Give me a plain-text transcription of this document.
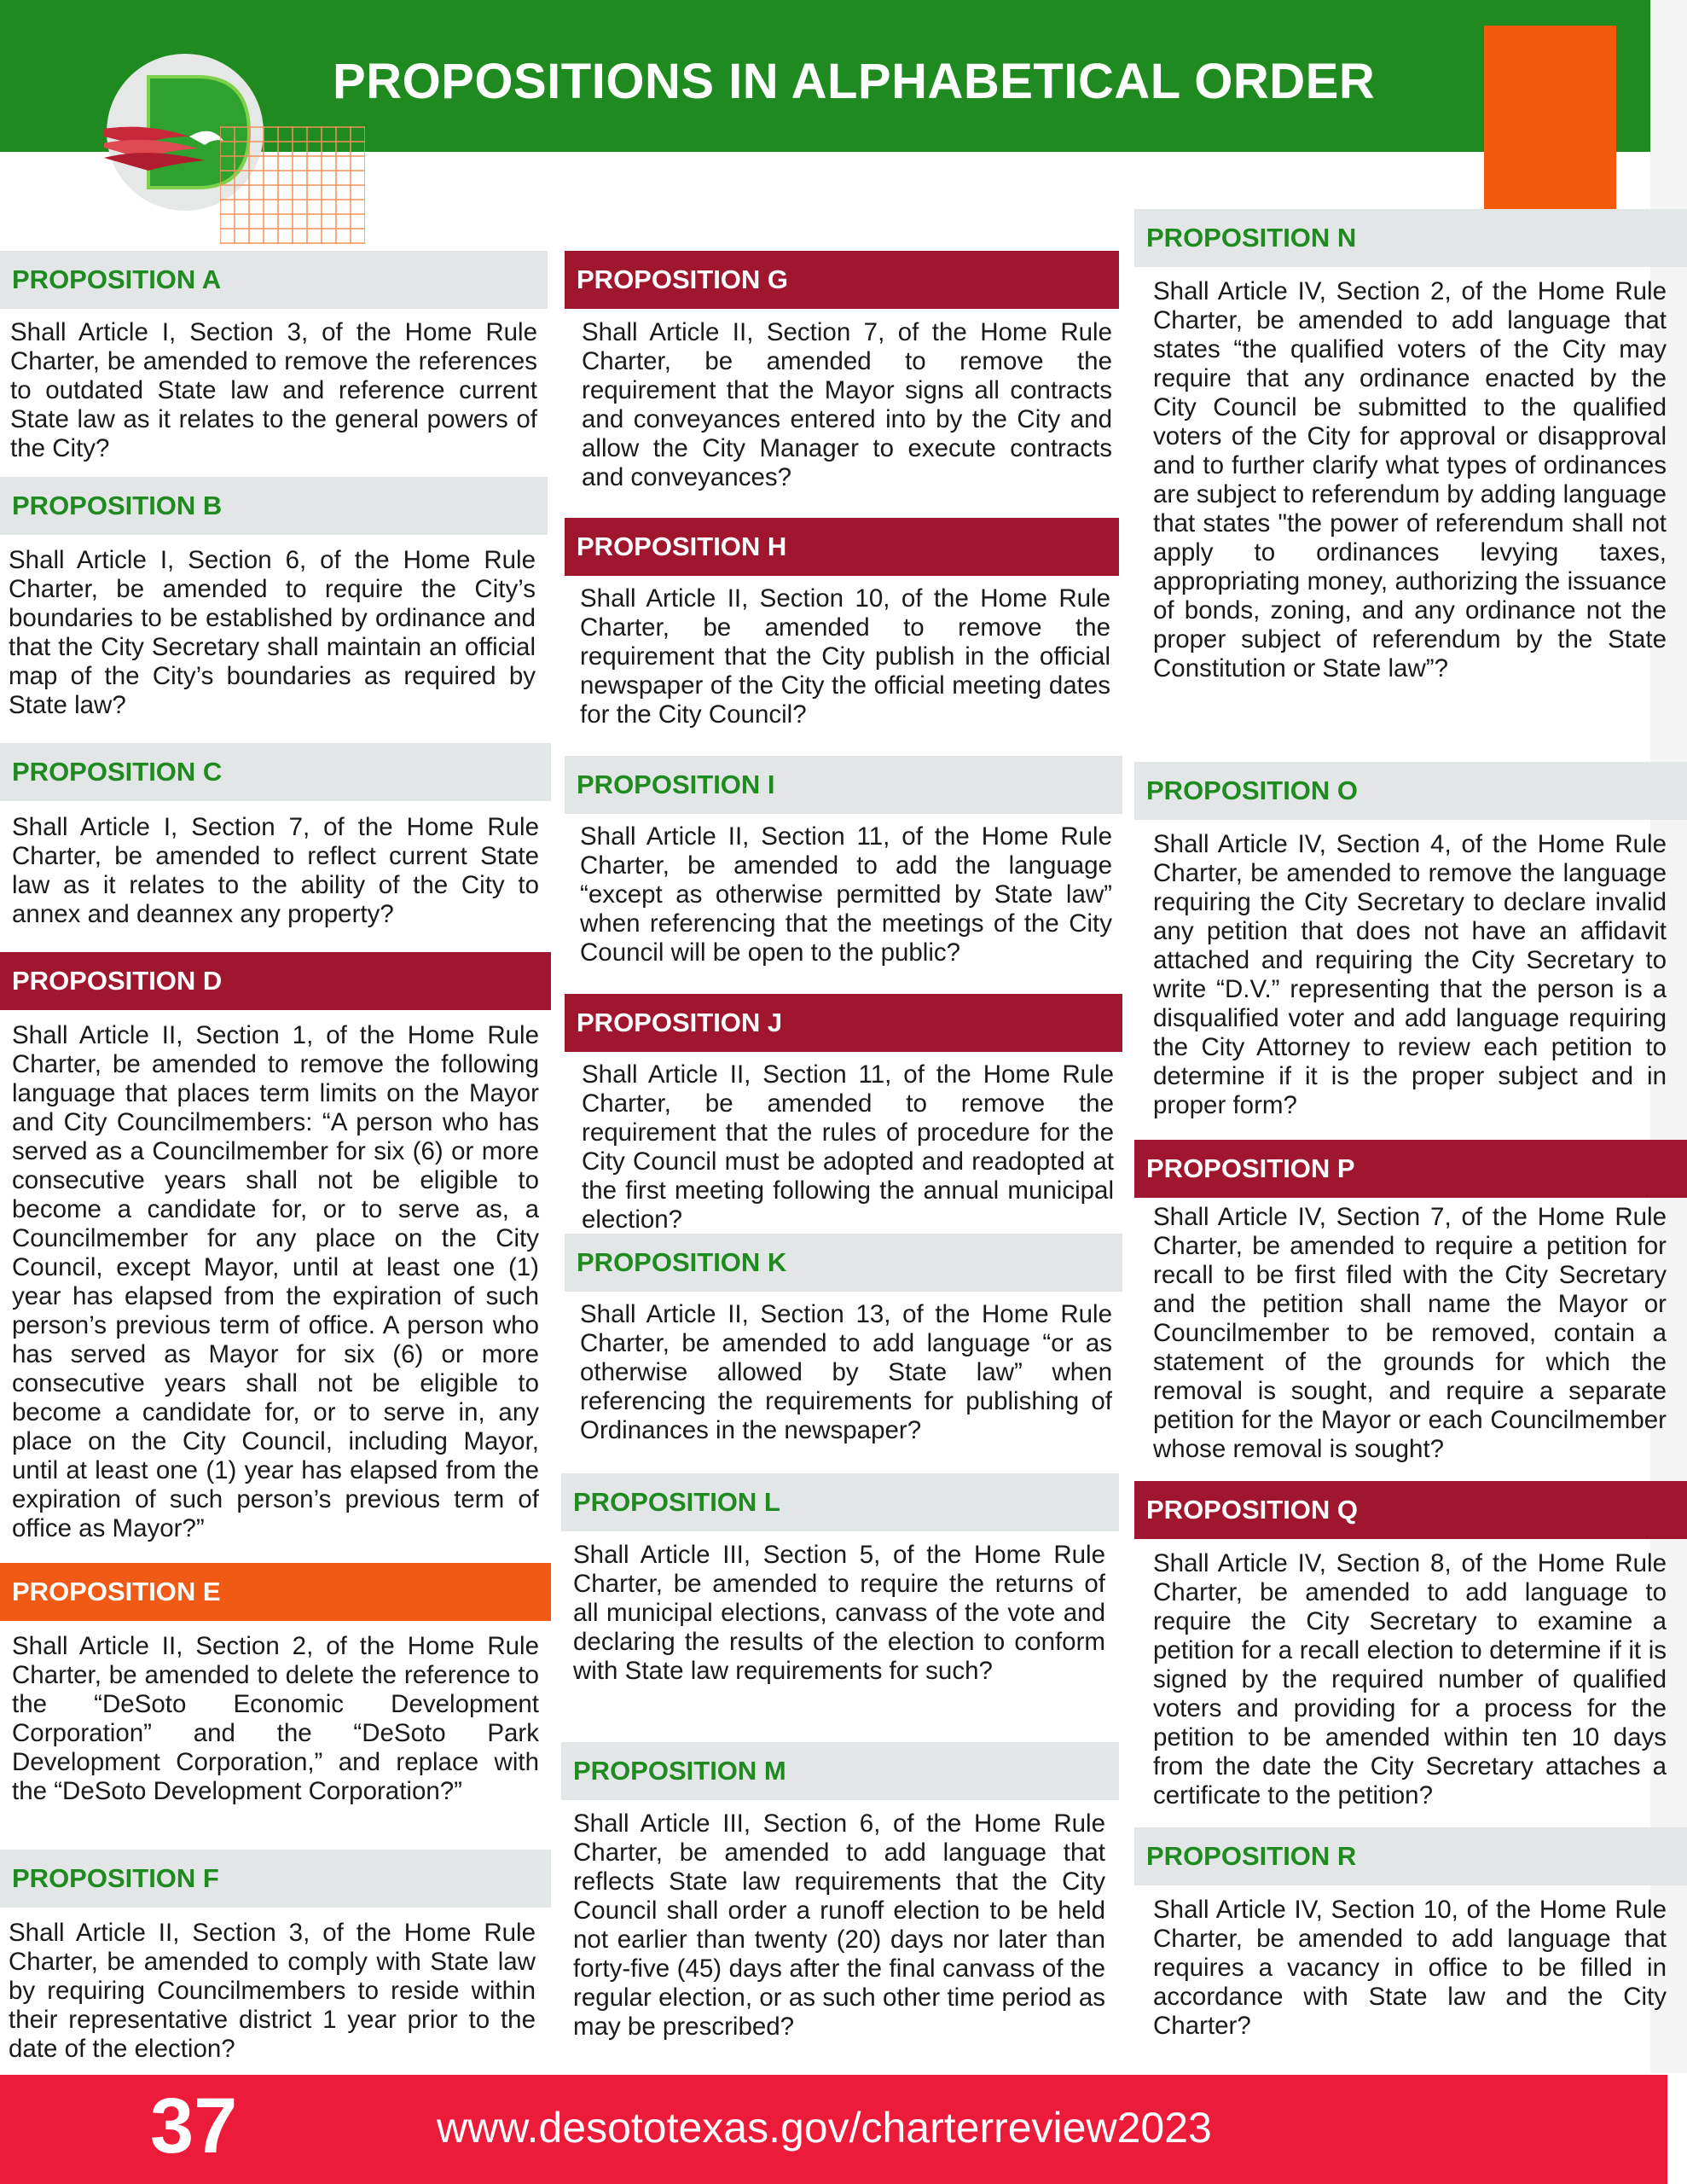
PROPOSITIONS IN ALPHABETICAL ORDER
PROPOSITION A

Shall Article I, Section 3, of the Home Rule Charter, be amended to remove the references to outdated State law and reference current State law as it relates to the general powers of the City?

PROPOSITION B

Shall Article I, Section 6, of the Home Rule Charter, be amended to require the City’s boundaries to be established by ordinance and that the City Secretary shall maintain an official map of the City’s boundaries as required by State law?

PROPOSITION C

Shall Article I, Section 7, of the Home Rule Charter, be amended to reflect current State law as it relates to the ability of the City to annex and deannex any property?

PROPOSITION D

Shall Article II, Section 1, of the Home Rule Charter, be amended to remove the following language that places term limits on the Mayor and City Councilmembers: “A person who has served as a Councilmember for six (6) or more consecutive years shall not be eligible to become a candidate for, or to serve as, a Councilmember for any place on the City Council, except Mayor, until at least one (1) year has elapsed from the expiration of such person’s previous term of office. A person who has served as Mayor for six (6) or more consecutive years shall not be eligible to become a candidate for, or to serve in, any place on the City Council, including Mayor, until at least one (1) year has elapsed from the expiration of such person’s previous term of office as Mayor?”

PROPOSITION E

Shall Article II, Section 2, of the Home Rule Charter, be amended to delete the reference to the “DeSoto Economic Development Corporation” and the “DeSoto Park Development Corporation,” and replace with the “DeSoto Development Corporation?”

PROPOSITION F

Shall Article II, Section 3, of the Home Rule Charter, be amended to comply with State law by requiring Councilmembers to reside within their representative district 1 year prior to the date of the election?

PROPOSITION G

Shall Article II, Section 7, of the Home Rule Charter, be amended to remove the requirement that the Mayor signs all contracts and conveyances entered into by the City and allow the City Manager to execute contracts and conveyances?

PROPOSITION H

Shall Article II, Section 10, of the Home Rule Charter, be amended to remove the requirement that the City publish in the official newspaper of the City the official meeting dates for the City Council?

PROPOSITION I

Shall Article II, Section 11, of the Home Rule Charter, be amended to add the language “except as otherwise permitted by State law” when referencing that the meetings of the City Council will be open to the public?

PROPOSITION J

Shall Article II, Section 11, of the Home Rule Charter, be amended to remove the requirement that the rules of procedure for the City Council must be adopted and readopted at the first meeting following the annual municipal election?

PROPOSITION K

Shall Article II, Section 13, of the Home Rule Charter, be amended to add language “or as otherwise allowed by State law” when referencing the requirements for publishing of Ordinances in the newspaper?

PROPOSITION L

Shall Article III, Section 5, of the Home Rule Charter, be amended to require the returns of all municipal elections, canvass of the vote and declaring the results of the election to conform with State law requirements for such?

PROPOSITION M

Shall Article III, Section 6, of the Home Rule Charter, be amended to add language that reflects State law requirements that the City Council shall order a runoff election to be held not earlier than twenty (20) days nor later than forty-five (45) days after the final canvass of the regular election, or as such other time period as may be prescribed?

PROPOSITION N

Shall Article IV, Section 2, of the Home Rule Charter, be amended to add language that states “the qualified voters of the City may require that any ordinance enacted by the City Council be submitted to the qualified voters of the City for approval or disapproval and to further clarify what types of ordinances are subject to referendum by adding language that states "the power of referendum shall not apply to ordinances levying taxes, appropriating money, authorizing the issuance of bonds, zoning, and any ordinance not the proper subject of referendum by the State Constitution or State law”?

PROPOSITION O

Shall Article IV, Section 4, of the Home Rule Charter, be amended to remove the language requiring the City Secretary to declare invalid any petition that does not have an affidavit attached and requiring the City Secretary to write “D.V.” representing that the person is a disqualified voter and add language requiring the City Attorney to review each petition to determine if it is the proper subject and in proper form?

PROPOSITION P

Shall Article IV, Section 7, of the Home Rule Charter, be amended to require a petition for recall to be first filed with the City Secretary and the petition shall name the Mayor or Councilmember to be removed, contain a statement of the grounds for which the removal is sought, and require a separate petition for the Mayor or each Councilmember whose removal is sought?

PROPOSITION Q

Shall Article IV, Section 8, of the Home Rule Charter, be amended to add language to require the City Secretary to examine a petition for a recall election to determine if it is signed by the required number of qualified voters and providing for a process for the petition to be amended within ten 10 days from the date the City Secretary attaches a certificate to the petition?

PROPOSITION R

Shall Article IV, Section 10, of the Home Rule Charter, be amended to add language that requires a vacancy in office to be filled in accordance with State law and the City Charter?

37	www.desototexas.gov/charterreview2023
